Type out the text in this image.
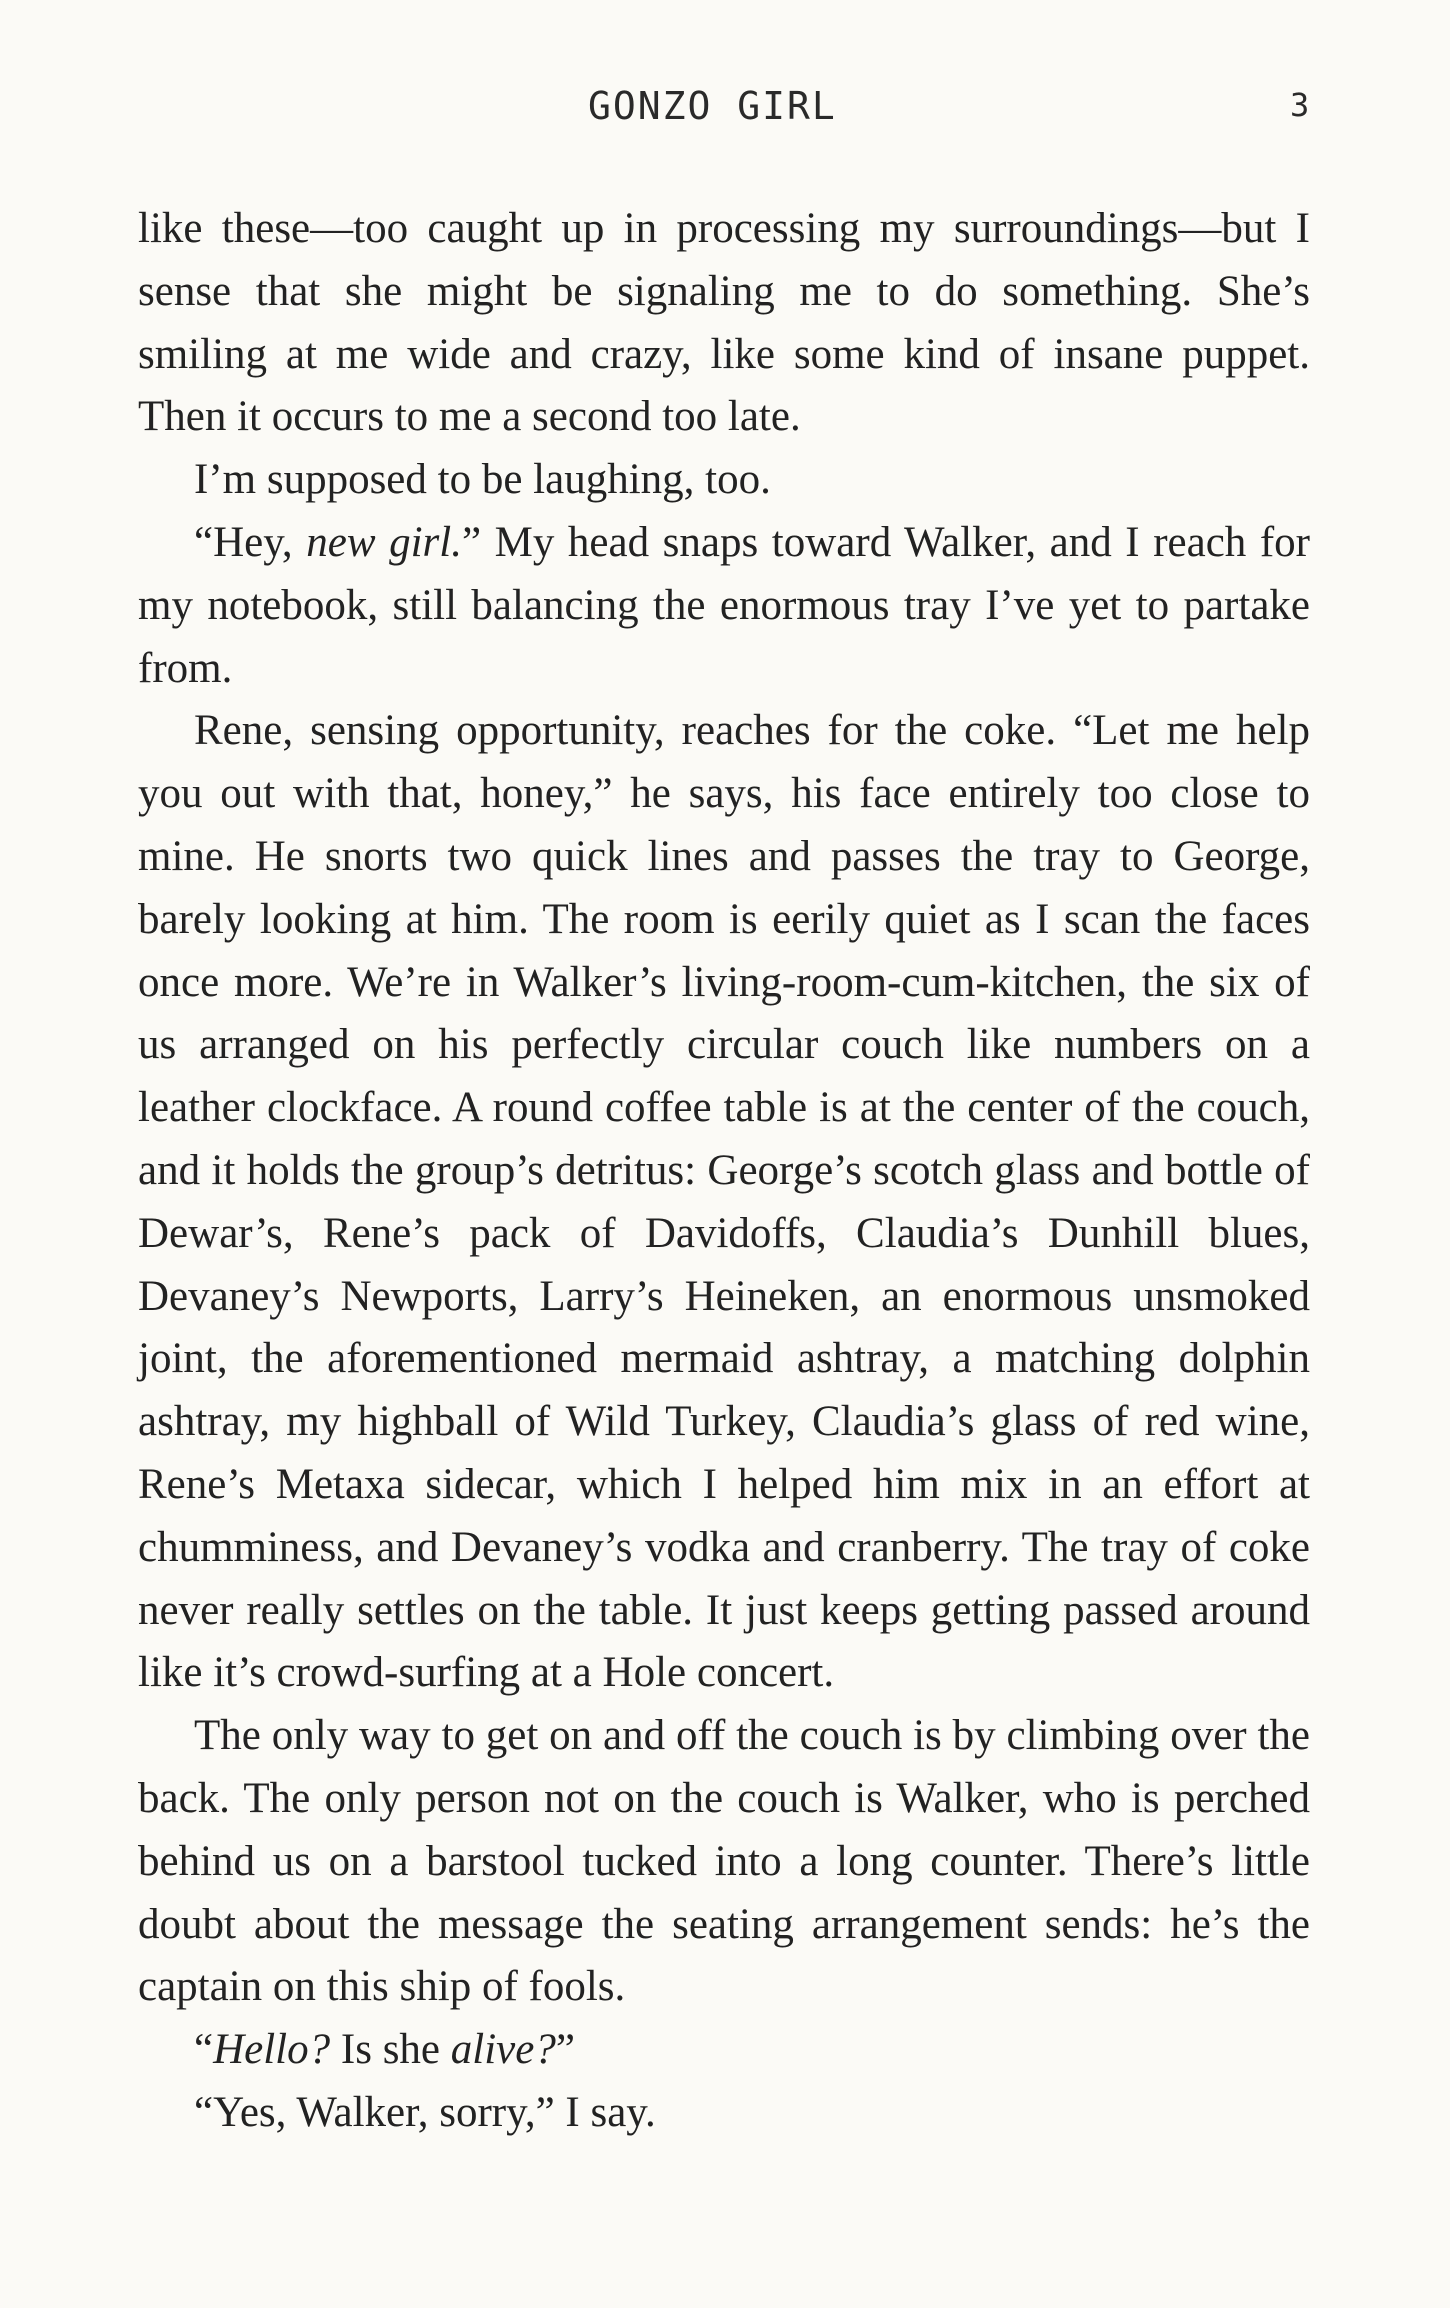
GONZO GIRL	3

like these—too caught up in processing my surroundings—but I sense that she might be signaling me to do something. She’s smiling at me wide and crazy, like some kind of insane puppet. Then it occurs to me a second too late.

I’m supposed to be laughing, too.

“Hey, new girl.” My head snaps toward Walker, and I reach for my notebook, still balancing the enormous tray I’ve yet to partake from.

Rene, sensing opportunity, reaches for the coke. “Let me help you out with that, honey,” he says, his face entirely too close to mine. He snorts two quick lines and passes the tray to George, barely looking at him. The room is eerily quiet as I scan the faces once more. We’re in Walker’s living-room-cum-kitchen, the six of us arranged on his perfectly circular couch like numbers on a leather clockface. A round coffee table is at the center of the couch, and it holds the group’s detritus: George’s scotch glass and bottle of Dewar’s, Rene’s pack of Davidoffs, Claudia’s Dunhill blues, Devaney’s Newports, Larry’s Heineken, an enormous unsmoked joint, the aforementioned mermaid ashtray, a matching dolphin ashtray, my highball of Wild Turkey, Claudia’s glass of red wine, Rene’s Metaxa sidecar, which I helped him mix in an effort at chumminess, and Devaney’s vodka and cranberry. The tray of coke never really settles on the table. It just keeps getting passed around like it’s crowd-surfing at a Hole concert.

The only way to get on and off the couch is by climbing over the back. The only person not on the couch is Walker, who is perched behind us on a barstool tucked into a long counter. There’s little doubt about the message the seating arrangement sends: he’s the captain on this ship of fools.

“Hello? Is she alive?”

“Yes, Walker, sorry,” I say.
